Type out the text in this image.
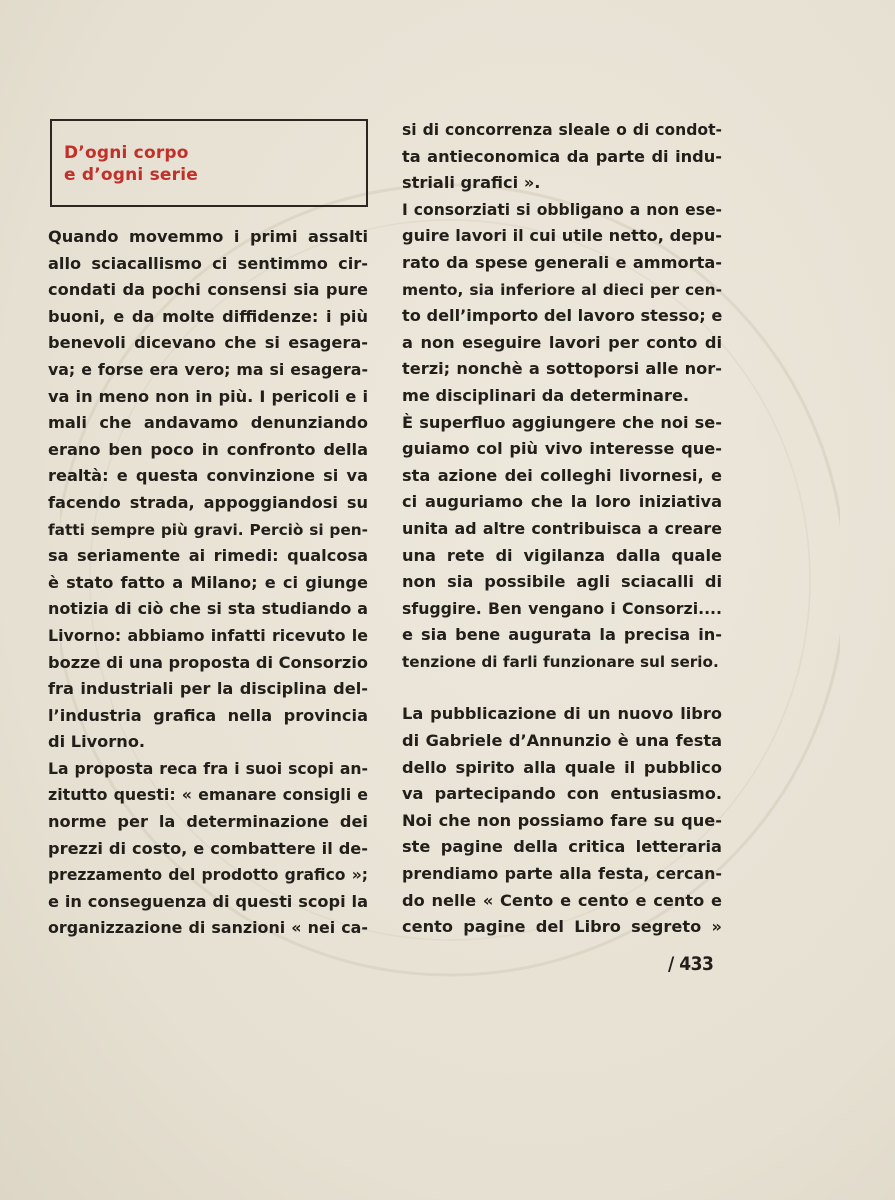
D’ogni corpo
e d’ogni serie

Quando movemmo i primi assalti
allo sciacallismo ci sentimmo cir-
condati da pochi consensi sia pure
buoni, e da molte diffidenze: i più
benevoli dicevano che si esagera-
va; e forse era vero; ma si esagera-
va in meno non in più. I pericoli e i
mali che andavamo denunziando
erano ben poco in confronto della
realtà: e questa convinzione si va
facendo strada, appoggiandosi su
fatti sempre più gravi. Perciò si pen-
sa seriamente ai rimedi: qualcosa
è stato fatto a Milano; e ci giunge
notizia di ciò che si sta studiando a
Livorno: abbiamo infatti ricevuto le
bozze di una proposta di Consorzio
fra industriali per la disciplina del-
l’industria grafica nella provincia
di Livorno.

La proposta reca fra i suoi scopi an-
zitutto questi: « emanare consigli e
norme per la determinazione dei
prezzi di costo, e combattere il de-
prezzamento del prodotto grafico »;
e in conseguenza di questi scopi la
organizzazione di sanzioni « nei ca-

si di concorrenza sleale o di condot-
ta antieconomica da parte di indu-
striali grafici ».

I consorziati si obbligano a non ese-
guire lavori il cui utile netto, depu-
rato da spese generali e ammorta-
mento, sia inferiore al dieci per cen-
to dell’importo del lavoro stesso; e
a non eseguire lavori per conto di
terzi; nonchè a sottoporsi alle nor-
me disciplinari da determinare.

È superfluo aggiungere che noi se-
guiamo col più vivo interesse que-
sta azione dei colleghi livornesi, e
ci auguriamo che la loro iniziativa
unita ad altre contribuisca a creare
una rete di vigilanza dalla quale
non sia possibile agli sciacalli di
sfuggire. Ben vengano i Consorzi....
e sia bene augurata la precisa in-
tenzione di farli funzionare sul serio.

La pubblicazione di un nuovo libro
di Gabriele d’Annunzio è una festa
dello spirito alla quale il pubblico
va partecipando con entusiasmo.
Noi che non possiamo fare su que-
ste pagine della critica letteraria
prendiamo parte alla festa, cercan-
do nelle « Cento e cento e cento e
cento pagine del Libro segreto »

/ 433
